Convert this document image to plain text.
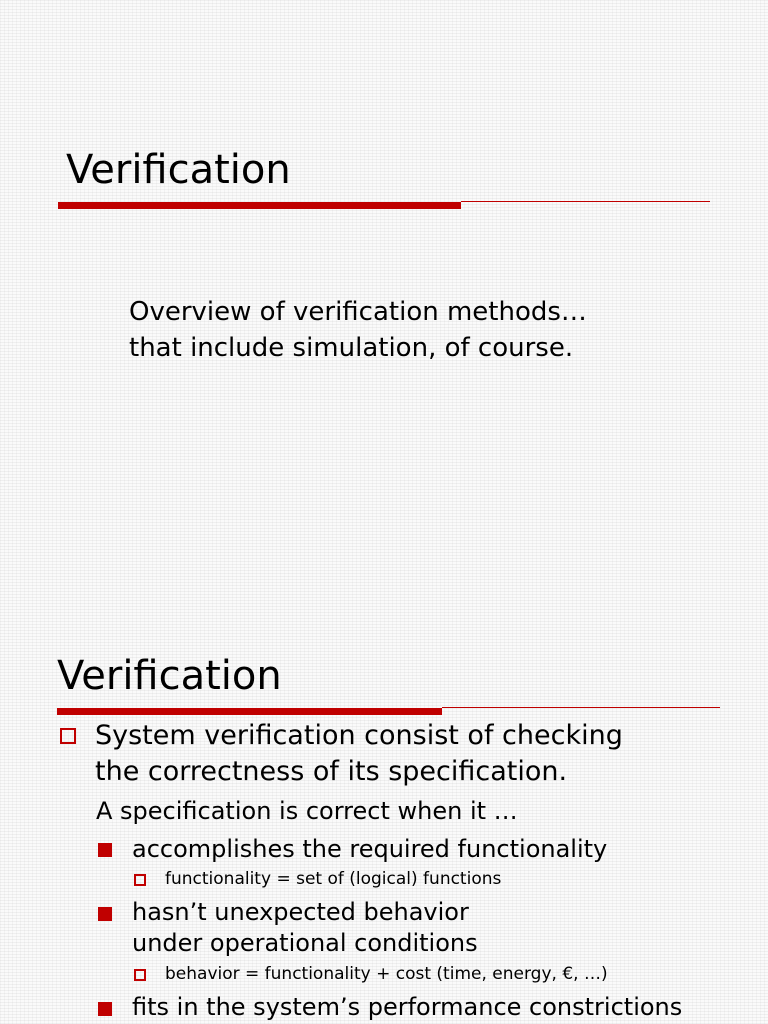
Verification
Overview of verification methods…
that include simulation, of course.
Verification
System verification consist of checking
the correctness of its specification.
A specification is correct when it …
accomplishes the required functionality
functionality = set of (logical) functions
hasn’t unexpected behavior
under operational conditions
behavior = functionality + cost (time, energy, €, …)
fits in the system’s performance constrictions
